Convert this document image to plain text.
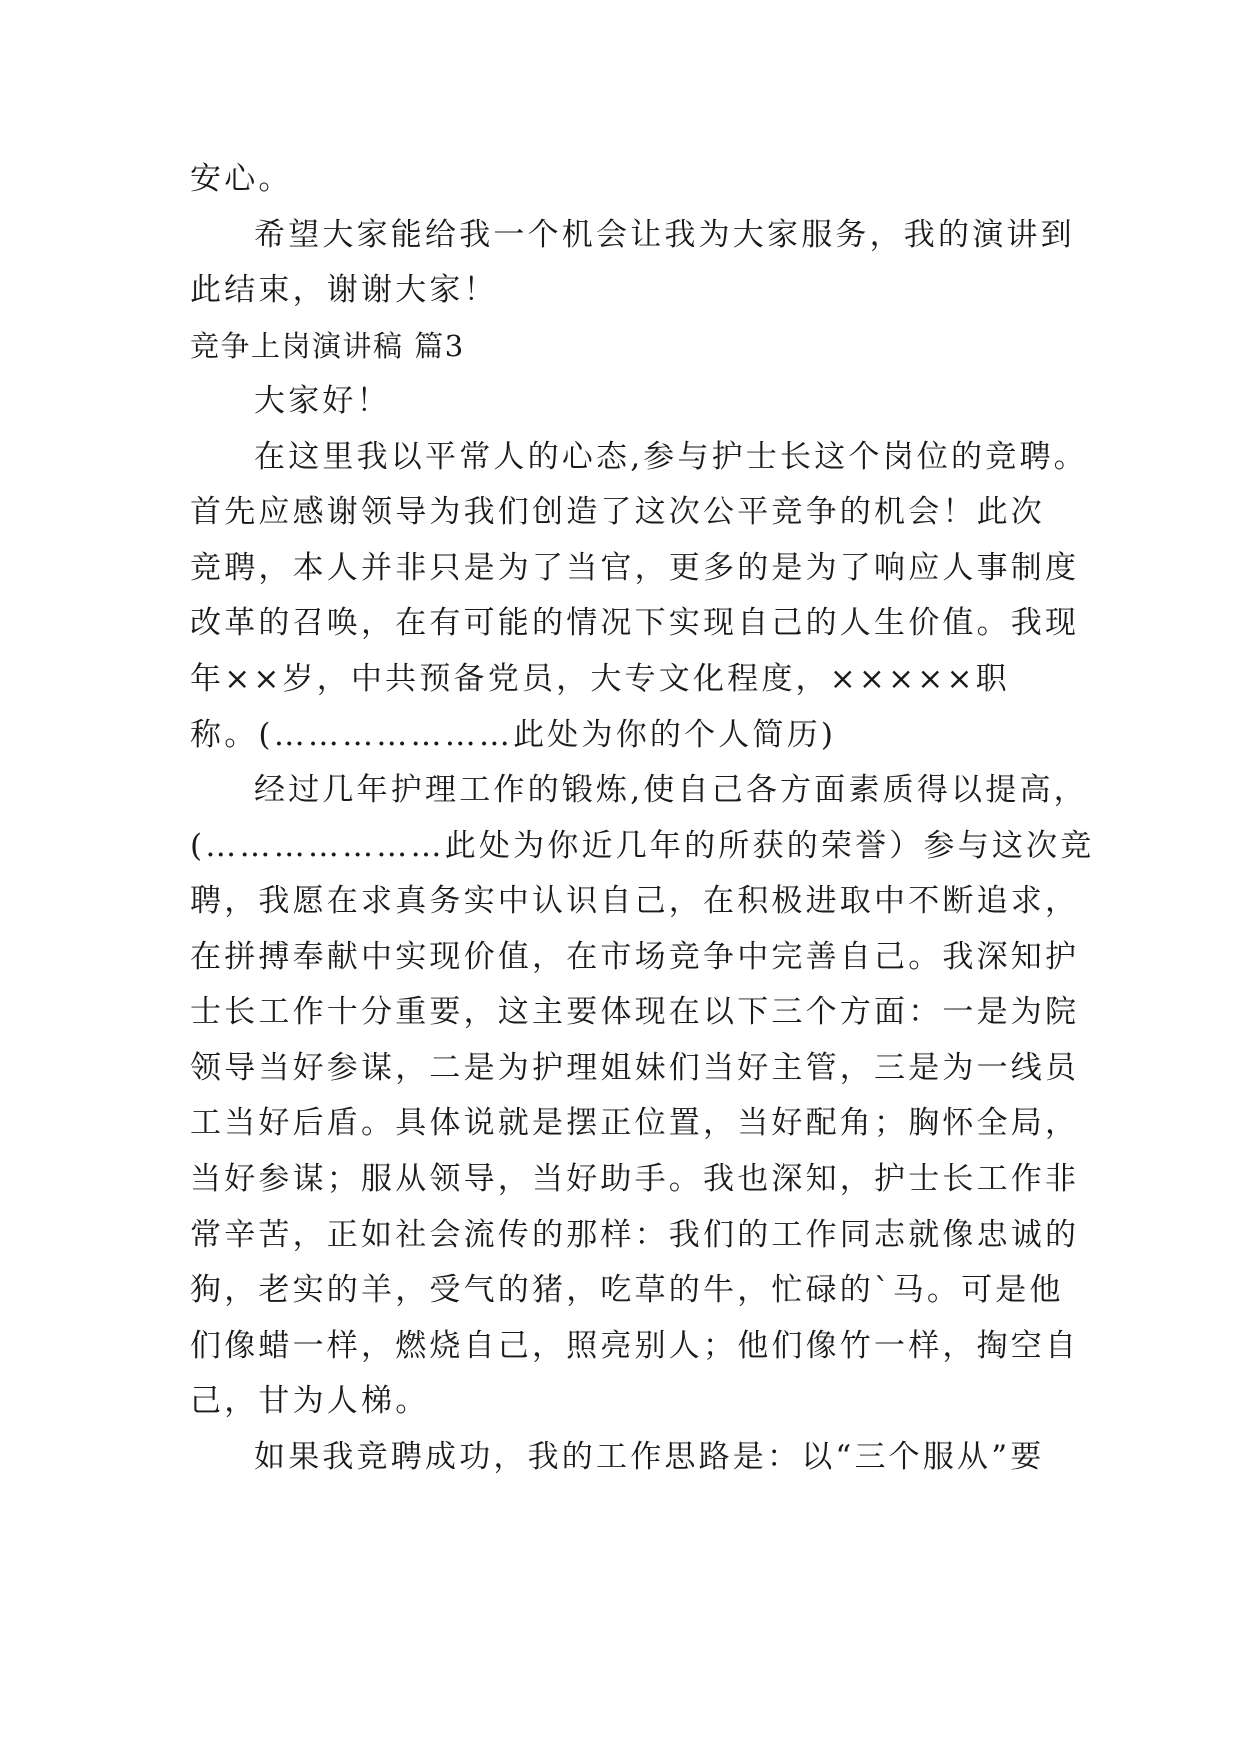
安心。
希望大家能给我一个机会让我为大家服务，我的演讲到
此结束，谢谢大家！
竞争上岗演讲稿 篇3
大家好！
在这里我以平常人的心态,参与护士长这个岗位的竞聘。
首先应感谢领导为我们创造了这次公平竞争的机会！此次
竞聘，本人并非只是为了当官，更多的是为了响应人事制度
改革的召唤，在有可能的情况下实现自己的人生价值。我现
年××岁，中共预备党员，大专文化程度，×××××职
称。(…………………此处为你的个人简历)
经过几年护理工作的锻炼,使自己各方面素质得以提高，
(…………………此处为你近几年的所获的荣誉）参与这次竞
聘，我愿在求真务实中认识自己，在积极进取中不断追求，
在拼搏奉献中实现价值，在市场竞争中完善自己。我深知护
士长工作十分重要，这主要体现在以下三个方面：一是为院
领导当好参谋，二是为护理姐妹们当好主管，三是为一线员
工当好后盾。具体说就是摆正位置，当好配角；胸怀全局，
当好参谋；服从领导，当好助手。我也深知，护士长工作非
常辛苦，正如社会流传的那样：我们的工作同志就像忠诚的
狗，老实的羊，受气的猪，吃草的牛，忙碌的`马。可是他
们像蜡一样，燃烧自己，照亮别人；他们像竹一样，掏空自
己，甘为人梯。
如果我竞聘成功，我的工作思路是：以“三个服从”要
